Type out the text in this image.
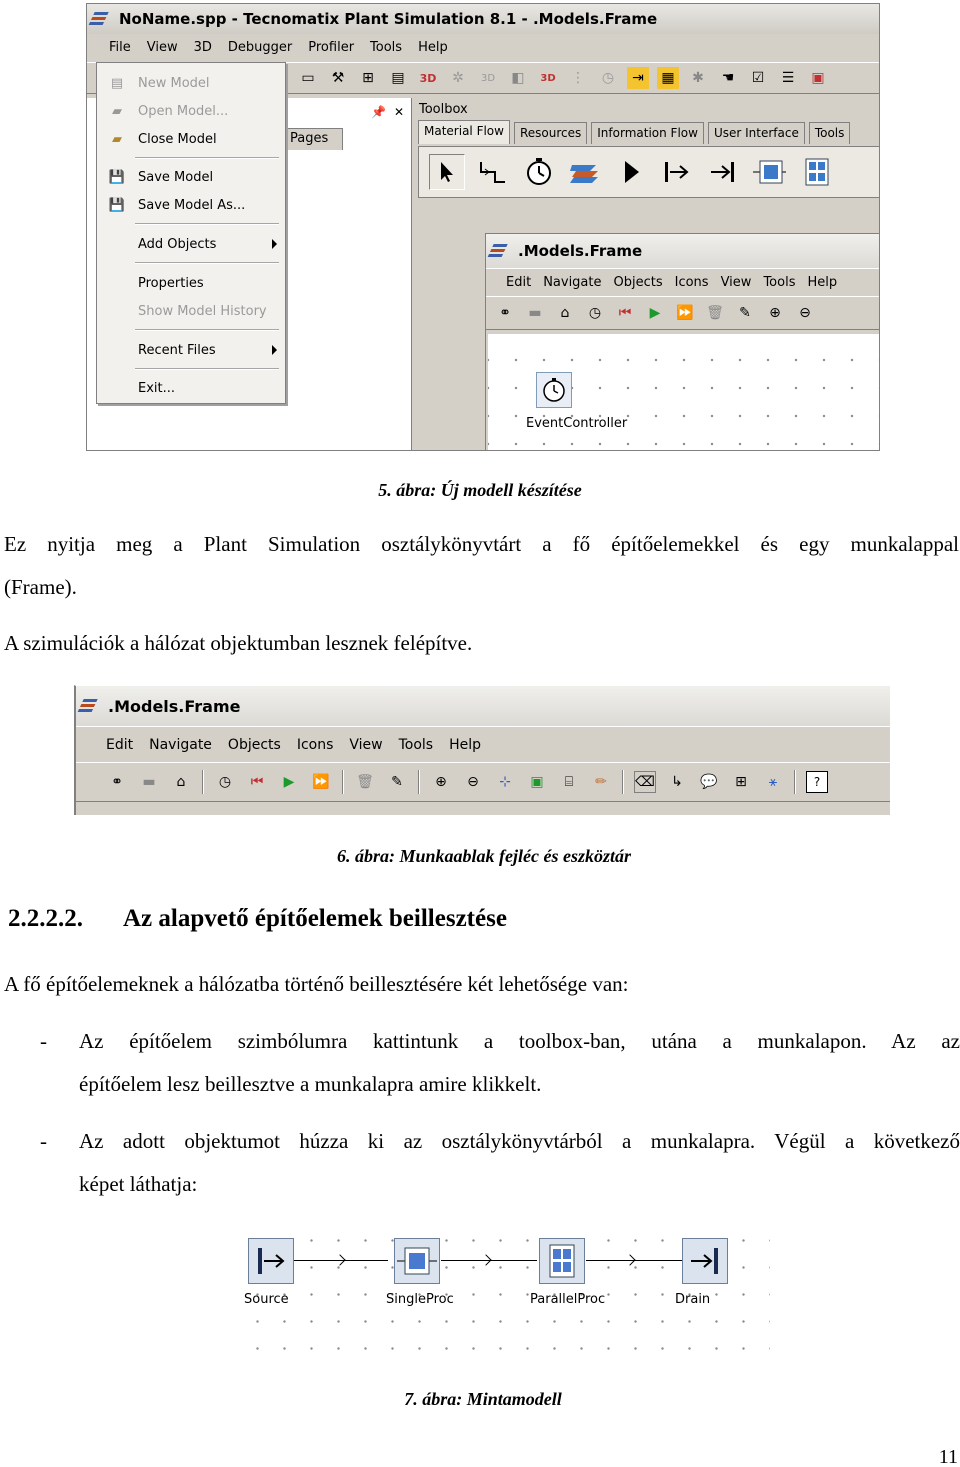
NoName.spp - Tecnomatix Plant Simulation 8.1 - .Models.Frame
File View 3D Debugger Profiler Tools Help
▭	⚒	⊞	▤	3D	✲	3D	◧	3D ⋮	◷	⇥	▦	✱	☚	☑	☰	▣
📌 ✕
Pages
Toolbox
Material Flow	Resources	Information Flow	User Interface	Tools
.Models.Frame
Edit Navigate Objects Icons View Tools Help
⚭	▬	⌂	◷	⏮	▶	⏩ 🗑	✎	⊕	⊖
EventController
▤ New Model
▰	Open Model...
▰	Close Model
💾 Save Model
💾 Save Model As...
Add Objects
Properties
Show Model History
Recent Files
Exit...
5. ábra: Új modell készítése
Ez nyitja meg a Plant Simulation osztálykönyvtárt a fő építőelemekkel és egy munkalappal
(Frame).
A szimulációk a hálózat objektumban lesznek felépítve.
.Models.Frame
Edit Navigate Objects Icons View Tools Help
⚭	▬	⌂	◷	⏮	▶	⏩ 🗑	✎	⊕	⊖	⊹	▣	⌸	✏	⌫	↳	💬	⊞	⚹	?
6. ábra: Munkaablak fejléc és eszköztár
2.2.2.2. Az alapvető építőelemek beillesztése
A fő építőelemeknek a hálózatba történő beillesztésére két lehetősége van:
- Az építőelem szimbólumra kattintunk a toolbox-ban, utána a munkalapon. Az az
építőelem lesz beillesztve a munkalapra amire klikkelt.
- Az adott objektumot húzza ki az osztálykönyvtárból a munkalapra. Végül a következő
képet láthatja:
Source	SingleProc	ParallelProc	Drain
7. ábra: Mintamodell
11
